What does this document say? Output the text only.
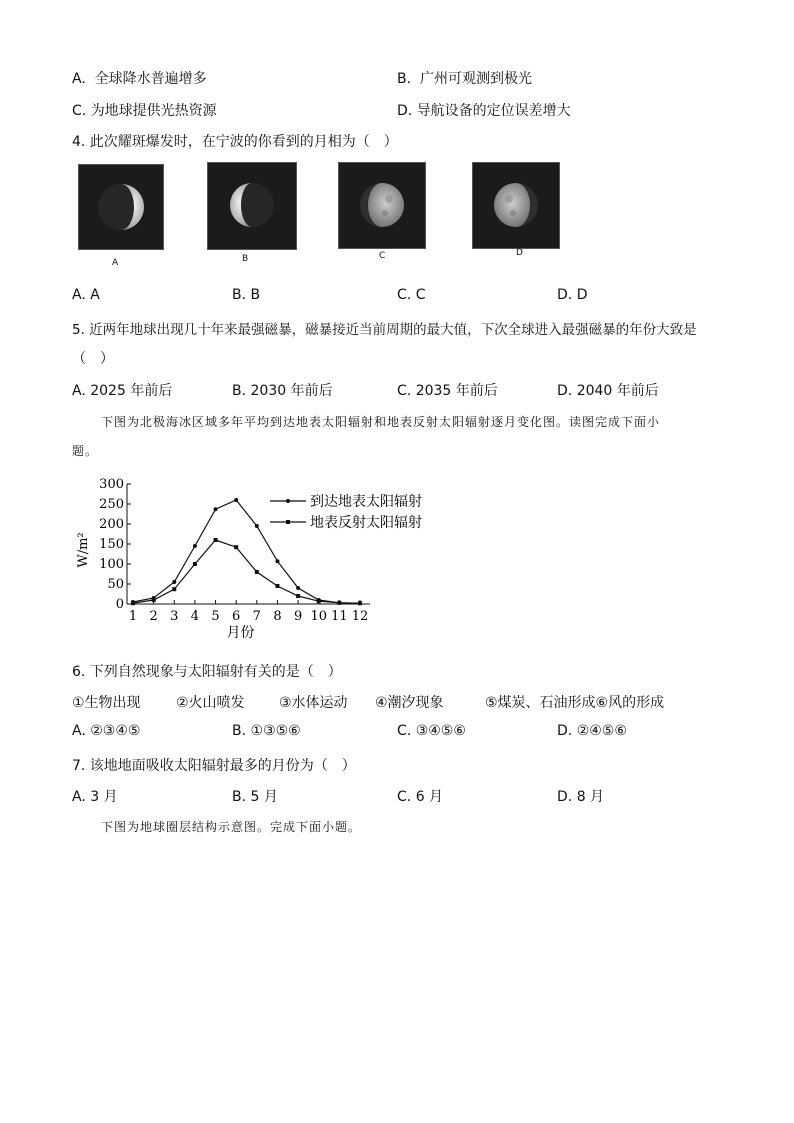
A. 全球降水普遍增多	B. 广州可观测到极光
C. 为地球提供光热资源	D. 导航设备的定位误差增大
4. 此次耀斑爆发时，在宁波的你看到的月相为（　）
A	B	C	D
A. A	B. B	C. C	D. D
5. 近两年地球出现几十年来最强磁暴，磁暴接近当前周期的最大值，下次全球进入最强磁暴的年份大致是
（　）
A. 2025 年前后	B. 2030 年前后	C. 2035 年前后	D. 2040 年前后
下图为北极海冰区域多年平均到达地表太阳辐射和地表反射太阳辐射逐月变化图。读图完成下面小
题。
0
50
100
150
200
250
300
1 2 3 4 5 6 7 8 9 10 11 12
月份
W/m²
到达地表太阳辐射
地表反射太阳辐射
6. 下列自然现象与太阳辐射有关的是（　）
①生物出现	②火山喷发 ③水体运动 ④潮汐现象	⑤煤炭、石油形成⑥风的形成
A. ②③④⑤	B. ①③⑤⑥	C. ③④⑤⑥	D. ②④⑤⑥
7. 该地地面吸收太阳辐射最多的月份为（　）
A. 3 月	B. 5 月	C. 6 月	D. 8 月
下图为地球圈层结构示意图。完成下面小题。
